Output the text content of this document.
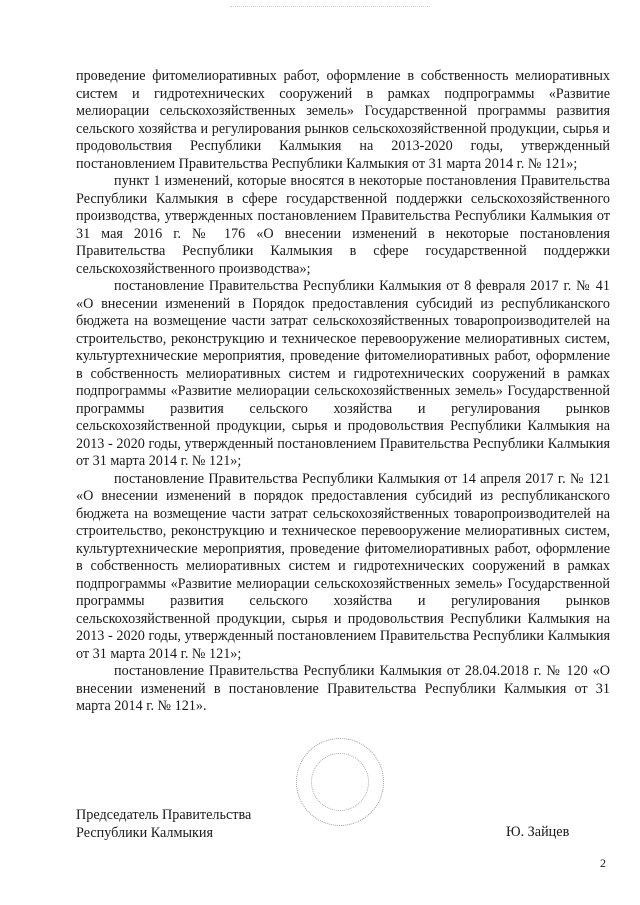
проведение фитомелиоративных работ, оформление в собственность мелиоративных систем и гидротехнических сооружений в рамках подпрограммы «Развитие мелиорации сельскохозяйственных земель» Государственной программы развития сельского хозяйства и регулирования рынков сельскохозяйственной продукции, сырья и продовольствия Республики Калмыкия на 2013-2020 годы, утвержденный постановлением Правительства Республики Калмыкия от 31 марта 2014 г. № 121»;

пункт 1 изменений, которые вносятся в некоторые постановления Правительства Республики Калмыкия в сфере государственной поддержки сельскохозяйственного производства, утвержденных постановлением Правительства Республики Калмыкия от 31 мая 2016 г. № 176 «О внесении изменений в некоторые постановления Правительства Республики Калмыкия в сфере государственной поддержки сельскохозяйственного производства»;

постановление Правительства Республики Калмыкия от 8 февраля 2017 г. № 41 «О внесении изменений в Порядок предоставления субсидий из республиканского бюджета на возмещение части затрат сельскохозяйственных товаропроизводителей на строительство, реконструкцию и техническое перевооружение мелиоративных систем, культуртехнические мероприятия, проведение фитомелиоративных работ, оформление в собственность мелиоративных систем и гидротехнических сооружений в рамках подпрограммы «Развитие мелиорации сельскохозяйственных земель» Государственной программы развития сельского хозяйства и регулирования рынков сельскохозяйственной продукции, сырья и продовольствия Республики Калмыкия на 2013 - 2020 годы, утвержденный постановлением Правительства Республики Калмыкия от 31 марта 2014 г. № 121»;

постановление Правительства Республики Калмыкия от 14 апреля 2017 г. № 121 «О внесении изменений в порядок предоставления субсидий из республиканского бюджета на возмещение части затрат сельскохозяйственных товаропроизводителей на строительство, реконструкцию и техническое перевооружение мелиоративных систем, культуртехнические мероприятия, проведение фитомелиоративных работ, оформление в собственность мелиоративных систем и гидротехнических сооружений в рамках подпрограммы «Развитие мелиорации сельскохозяйственных земель» Государственной программы развития сельского хозяйства и регулирования рынков сельскохозяйственной продукции, сырья и продовольствия Республики Калмыкия на 2013 - 2020 годы, утвержденный постановлением Правительства Республики Калмыкия от 31 марта 2014 г. № 121»;

постановление Правительства Республики Калмыкия от 28.04.2018 г. № 120 «О внесении изменений в постановление Правительства Республики Калмыкия от 31 марта 2014 г. № 121».

Председатель Правительства
Республики Калмыкия	Ю. Зайцев
2
